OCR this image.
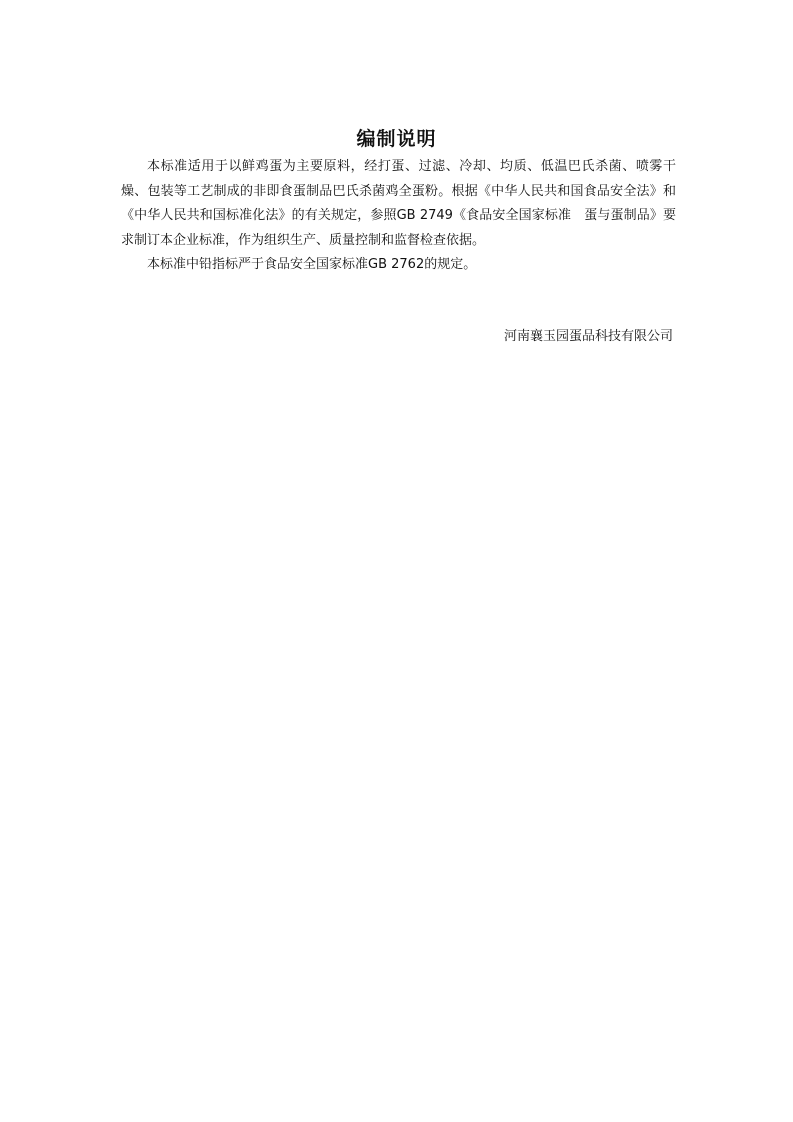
编制说明

本标准适用于以鲜鸡蛋为主要原料，经打蛋、过滤、冷却、均质、低温巴氏杀菌、喷雾干燥、包装等工艺制成的非即食蛋制品巴氏杀菌鸡全蛋粉。根据《中华人民共和国食品安全法》和《中华人民共和国标准化法》的有关规定，参照GB 2749《食品安全国家标准　蛋与蛋制品》要求制订本企业标准，作为组织生产、质量控制和监督检查依据。

本标准中铅指标严于食品安全国家标准GB 2762的规定。

河南襄玉园蛋品科技有限公司
